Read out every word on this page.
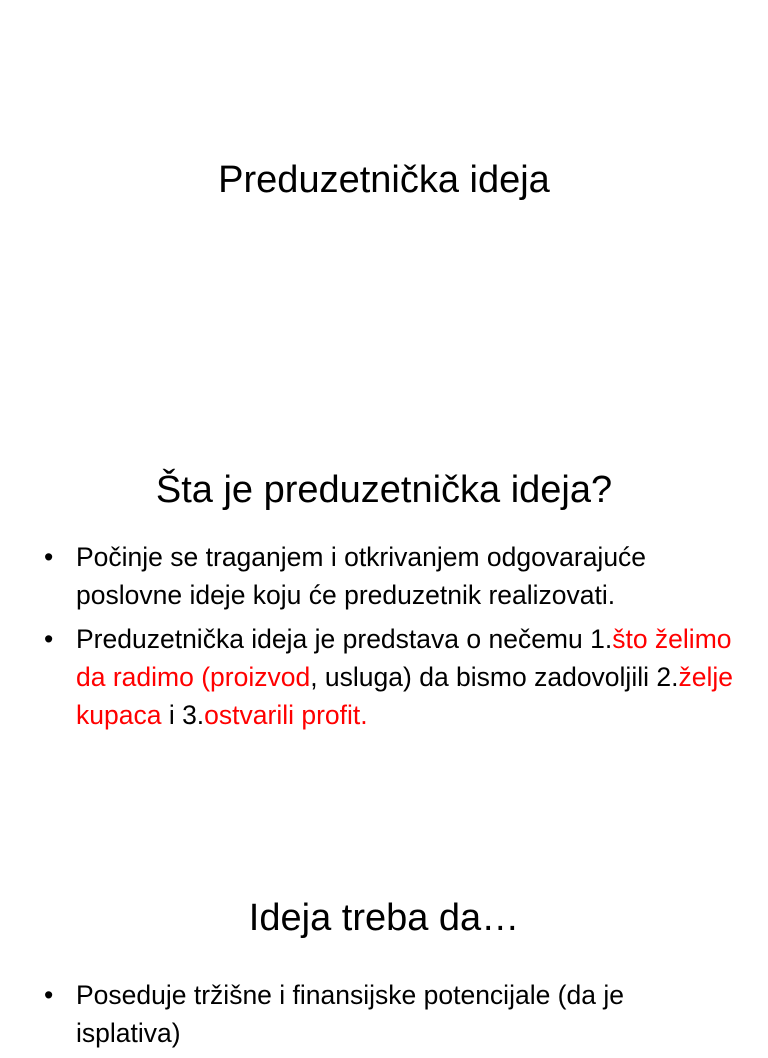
Preduzetnička ideja
Šta je preduzetnička ideja?
• Počinje se traganjem i otkrivanjem odgovarajuće poslovne ideje koju će preduzetnik realizovati.
• Preduzetnička ideja je predstava o nečemu 1.što želimo da radimo (proizvod, usluga) da bismo zadovoljili 2.želje kupaca i 3.ostvarili profit.
Ideja treba da…
• Poseduje tržišne i finansijske potencijale (da je isplativa)
